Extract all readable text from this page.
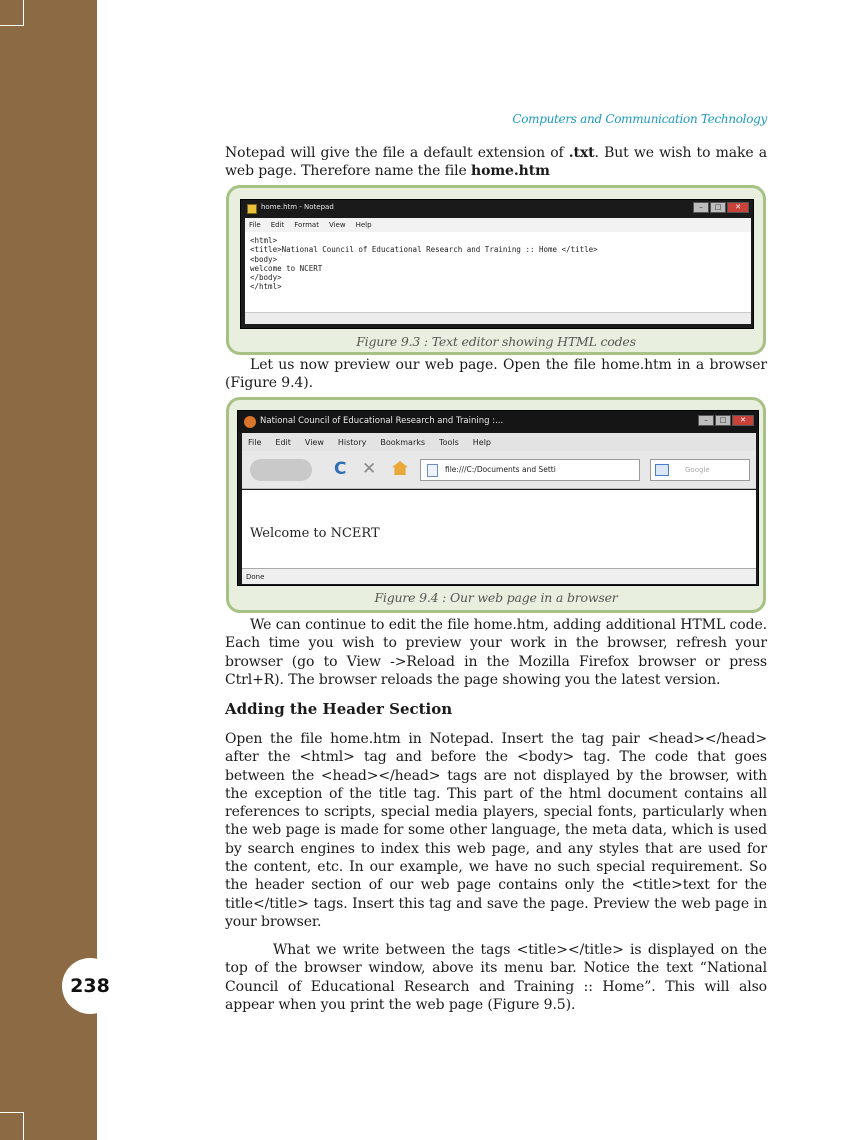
238
Computers and Communication Technology

Notepad will give the file a default extension of .txt. But we wish to make a web page. Therefore name the file home.htm

home.htm - Notepad	–	□	✕
File Edit Format View Help
<html>
<title>National Council of Educational Research and Training :: Home </title>
<body>
welcome to NCERT
</body>
</html>
Figure 9.3 : Text editor showing HTML codes

Let us now preview our web page. Open the file home.htm in a browser (Figure 9.4).

National Council of Educational Research and Training :...	–	□	✕
File Edit View History Bookmarks Tools Help
C ✕	file:///C:/Documents and Setti	Google
Welcome to NCERT
Done
Figure 9.4 : Our web page in a browser

We can continue to edit the file home.htm, adding additional HTML code. Each time you wish to preview your work in the browser, refresh your browser (go to View ->Reload in the Mozilla Firefox browser or press Ctrl+R). The browser reloads the page showing you the latest version.

Adding the Header Section

Open the file home.htm in Notepad. Insert the tag pair <head></head> after the <html> tag and before the <body> tag. The code that goes between the <head></head> tags are not displayed by the browser, with the exception of the title tag. This part of the html document contains all references to scripts, special media players, special fonts, particularly when the web page is made for some other language, the meta data, which is used by search engines to index this web page, and any styles that are used for the content, etc. In our example, we have no such special requirement. So the header section of our web page contains only the <title>text for the title</title> tags. Insert this tag and save the page. Preview the web page in your browser.

What we write between the tags <title></title> is displayed on the top of the browser window, above its menu bar. Notice the text “National Council of Educational Research and Training :: Home”. This will also appear when you print the web page (Figure 9.5).
